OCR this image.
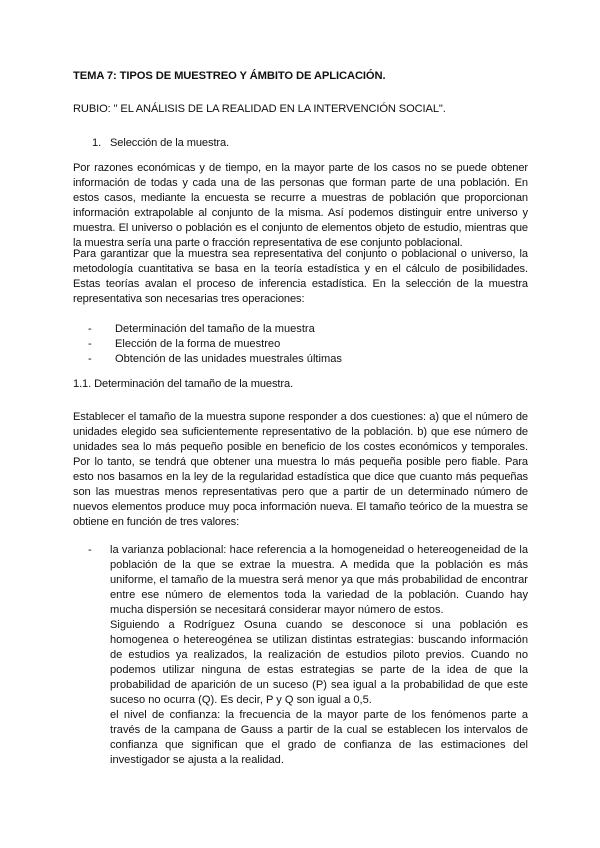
TEMA 7: TIPOS DE MUESTREO Y ÁMBITO DE APLICACIÓN.
RUBIO: " EL ANÁLISIS DE LA REALIDAD EN LA INTERVENCIÓN SOCIAL".
1. Selección de la muestra.
Por razones económicas y de tiempo, en la mayor parte de los casos no se puede obtener información de todas y cada una de las personas que forman parte de una población. En estos casos, mediante la encuesta se recurre a muestras de población que proporcionan información extrapolable al conjunto de la misma. Así podemos distinguir entre universo y muestra. El universo o población es el conjunto de elementos objeto de estudio, mientras que la muestra sería una parte o fracción representativa de ese conjunto poblacional.
Para garantizar que la muestra sea representativa del conjunto o poblacional o universo, la metodología cuantitativa se basa en la teoría estadística y en el cálculo de posibilidades. Estas teorías avalan el proceso de inferencia estadística. En la selección de la muestra representativa son necesarias tres operaciones:
- Determinación del tamaño de la muestra
- Elección de la forma de muestreo
- Obtención de las unidades muestrales últimas
1.1. Determinación del tamaño de la muestra.
Establecer el tamaño de la muestra supone responder a dos cuestiones: a) que el número de unidades elegido sea suficientemente representativo de la población. b) que ese número de unidades sea lo más pequeño posible en beneficio de los costes económicos y temporales. Por lo tanto, se tendrá que obtener una muestra lo más pequeña posible pero fiable. Para esto nos basamos en la ley de la regularidad estadística que dice que cuanto más pequeñas son las muestras menos representativas pero que a partir de un determinado número de nuevos elementos produce muy poca información nueva. El tamaño teórico de la muestra se obtiene en función de tres valores:
- la varianza poblacional: hace referencia a la homogeneidad o hetereogeneidad de la población de la que se extrae la muestra. A medida que la población es más uniforme, el tamaño de la muestra será menor ya que más probabilidad de encontrar entre ese número de elementos toda la variedad de la población. Cuando hay mucha dispersión se necesitará considerar mayor número de estos.
Siguiendo a Rodríguez Osuna cuando se desconoce si una población es homogenea o hetereogénea se utilizan distintas estrategias: buscando información de estudios ya realizados, la realización de estudios piloto previos. Cuando no podemos utilizar ninguna de estas estrategias se parte de la idea de que la probabilidad de aparición de un suceso (P) sea igual a la probabilidad de que este suceso no ocurra (Q). Es decir, P y Q son igual a 0,5.
el nivel de confianza: la frecuencia de la mayor parte de los fenómenos parte a través de la campana de Gauss a partir de la cual se establecen los intervalos de confianza que significan que el grado de confianza de las estimaciones del investigador se ajusta a la realidad.
